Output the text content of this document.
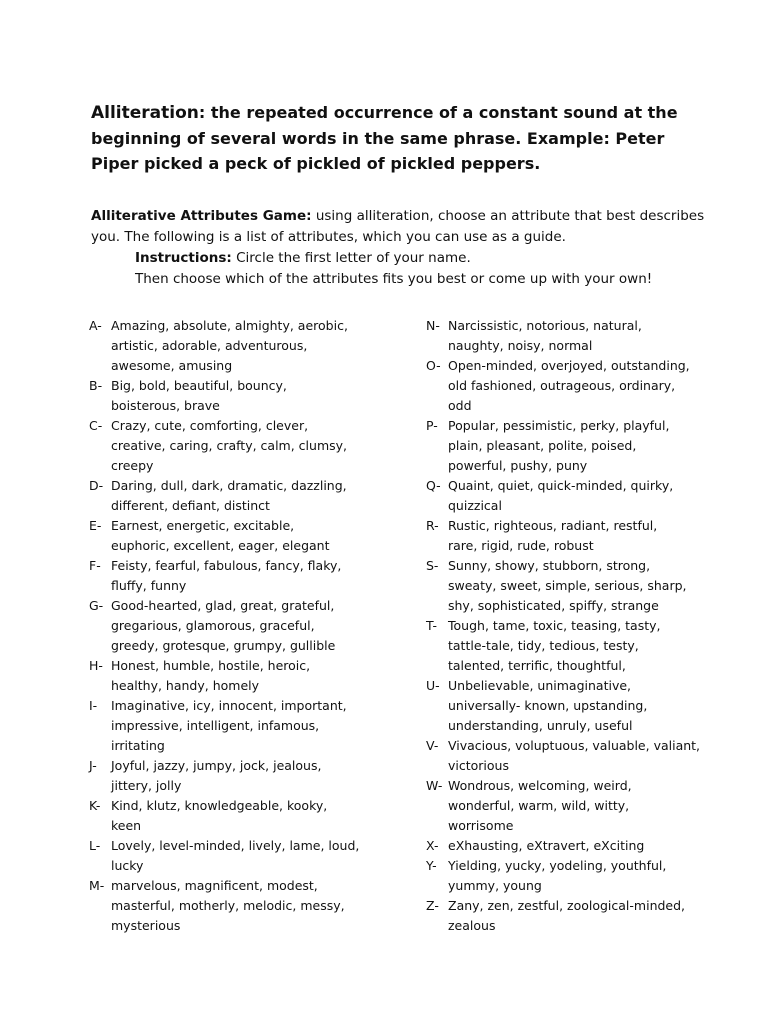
Alliteration: the repeated occurrence of a constant sound at the beginning of several words in the same phrase. Example: Peter Piper picked a peck of pickled of pickled peppers.
Alliterative Attributes Game: using alliteration, choose an attribute that best describes you. The following is a list of attributes, which you can use as a guide.
Instructions: Circle the first letter of your name.
Then choose which of the attributes fits you best or come up with your own!
A- Amazing, absolute, almighty, aerobic,
artistic, adorable, adventurous,
awesome, amusing
B- Big, bold, beautiful, bouncy,
boisterous, brave
C- Crazy, cute, comforting, clever,
creative, caring, crafty, calm, clumsy,
creepy
D- Daring, dull, dark, dramatic, dazzling,
different, defiant, distinct
E- Earnest, energetic, excitable,
euphoric, excellent, eager, elegant
F- Feisty, fearful, fabulous, fancy, flaky,
fluffy, funny
G- Good-hearted, glad, great, grateful,
gregarious, glamorous, graceful,
greedy, grotesque, grumpy, gullible
H- Honest, humble, hostile, heroic,
healthy, handy, homely
I-	Imaginative, icy, innocent, important,
impressive, intelligent, infamous,
irritating
J-	Joyful, jazzy, jumpy, jock, jealous,
jittery, jolly
K- Kind, klutz, knowledgeable, kooky,
keen
L- Lovely, level-minded, lively, lame, loud,
lucky
M- marvelous, magnificent, modest,
masterful, motherly, melodic, messy,
mysterious
N- Narcissistic, notorious, natural,
naughty, noisy, normal
O- Open-minded, overjoyed, outstanding,
old fashioned, outrageous, ordinary,
odd
P- Popular, pessimistic, perky, playful,
plain, pleasant, polite, poised,
powerful, pushy, puny
Q- Quaint, quiet, quick-minded, quirky,
quizzical
R- Rustic, righteous, radiant, restful,
rare, rigid, rude, robust
S- Sunny, showy, stubborn, strong,
sweaty, sweet, simple, serious, sharp,
shy, sophisticated, spiffy, strange
T- Tough, tame, toxic, teasing, tasty,
tattle-tale, tidy, tedious, testy,
talented, terrific, thoughtful,
U- Unbelievable, unimaginative,
universally- known, upstanding,
understanding, unruly, useful
V- Vivacious, voluptuous, valuable, valiant,
victorious
W- Wondrous, welcoming, weird,
wonderful, warm, wild, witty,
worrisome
X- eXhausting, eXtravert, eXciting
Y- Yielding, yucky, yodeling, youthful,
yummy, young
Z- Zany, zen, zestful, zoological-minded,
zealous
